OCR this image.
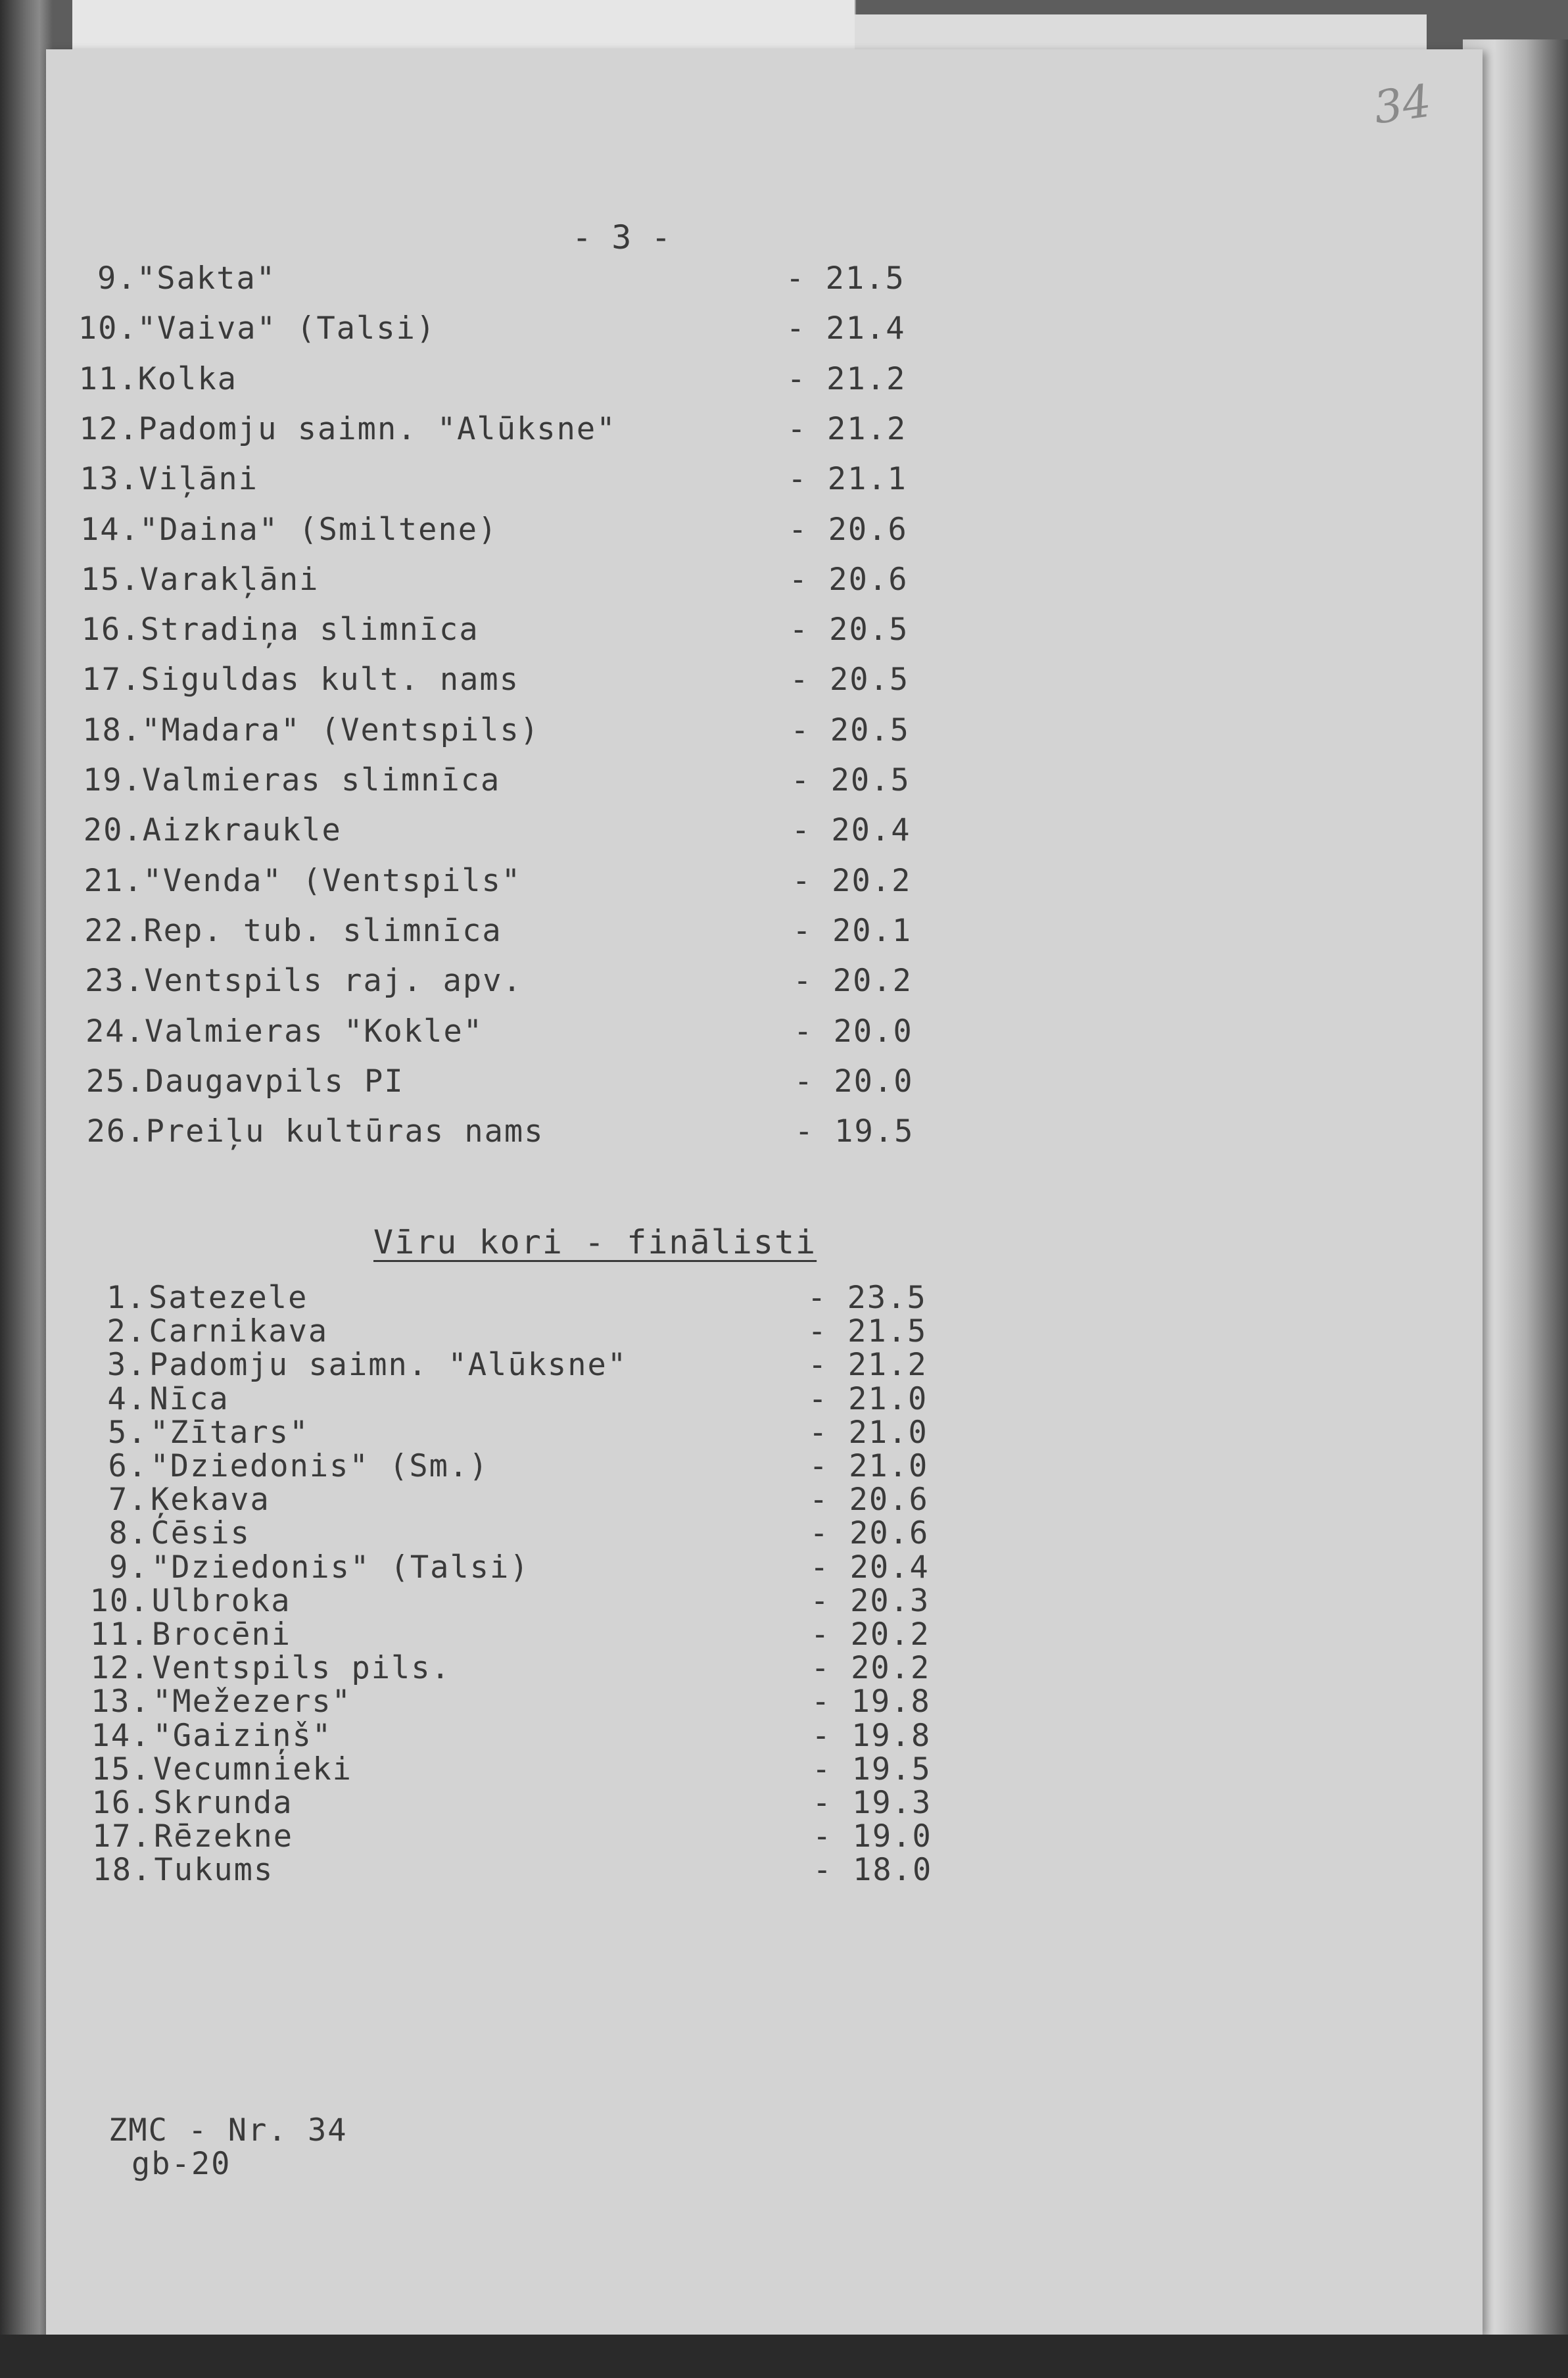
- 3 -
34
9. "Sakta"	- 21.5
10. "Vaiva" (Talsi)	- 21.4
11. Kolka	- 21.2
12. Padomju saimn. "Alūksne"	- 21.2
13. Viļāni	- 21.1
14. "Daina" (Smiltene)	- 20.6
15. Varakļāni	- 20.6
16. Stradiņa slimnīca	- 20.5
17. Siguldas kult. nams	- 20.5
18. "Madara" (Ventspils)	- 20.5
19. Valmieras slimnīca	- 20.5
20. Aizkraukle	- 20.4
21. "Venda" (Ventspils"	- 20.2
22. Rep. tub. slimnīca	- 20.1
23. Ventspils raj. apv.	- 20.2
24. Valmieras "Kokle"	- 20.0
25. Daugavpils PI	- 20.0
26. Preiļu kultūras nams	- 19.5
Vīru kori - finālisti
1. Satezele	- 23.5
2. Carnikava	- 21.5
3. Padomju saimn. "Alūksne"	- 21.2
4. Nīca	- 21.0
5. "Zītars"	- 21.0
6. "Dziedonis" (Sm.)	- 21.0
7. Ķekava	- 20.6
8. Cēsis	- 20.6
9. "Dziedonis" (Talsi)	- 20.4
10. Ulbroka	- 20.3
11. Brocēni	- 20.2
12. Ventspils pils.	- 20.2
13. "Mežezers"	- 19.8
14. "Gaiziņš"	- 19.8
15. Vecumnieki	- 19.5
16. Skrunda	- 19.3
17. Rēzekne	- 19.0
18. Tukums	- 18.0
ZMC - Nr. 34

gb-20
